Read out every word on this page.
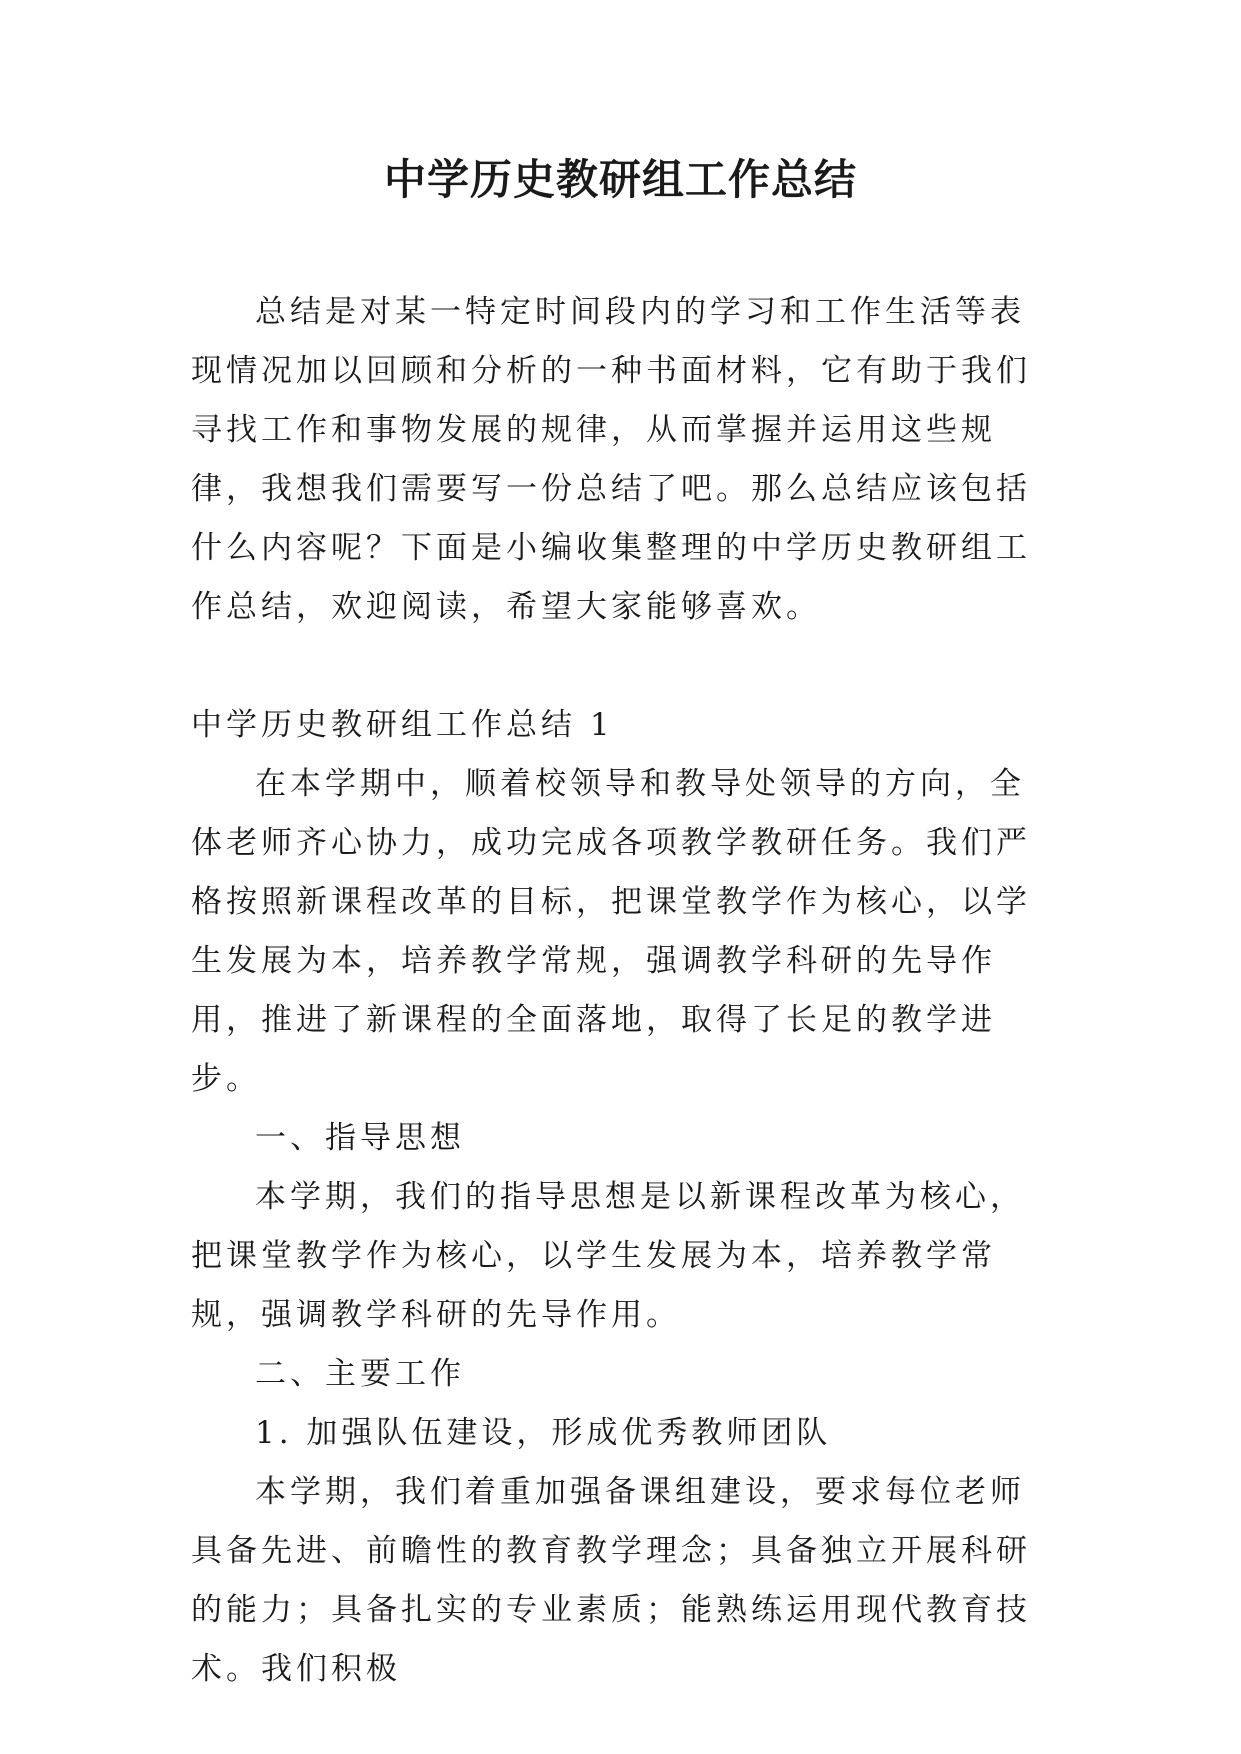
中学历史教研组工作总结

总结是对某一特定时间段内的学习和工作生活等表现情况加以回顾和分析的一种书面材料，它有助于我们寻找工作和事物发展的规律，从而掌握并运用这些规律，我想我们需要写一份总结了吧。那么总结应该包括什么内容呢？下面是小编收集整理的中学历史教研组工作总结，欢迎阅读，希望大家能够喜欢。

中学历史教研组工作总结 1

在本学期中，顺着校领导和教导处领导的方向，全体老师齐心协力，成功完成各项教学教研任务。我们严格按照新课程改革的目标，把课堂教学作为核心，以学生发展为本，培养教学常规，强调教学科研的先导作用，推进了新课程的全面落地，取得了长足的教学进步。

一、指导思想

本学期，我们的指导思想是以新课程改革为核心，把课堂教学作为核心，以学生发展为本，培养教学常规，强调教学科研的先导作用。

二、主要工作

1. 加强队伍建设，形成优秀教师团队

本学期，我们着重加强备课组建设，要求每位老师具备先进、前瞻性的教育教学理念；具备独立开展科研的能力；具备扎实的专业素质；能熟练运用现代教育技术。我们积极
